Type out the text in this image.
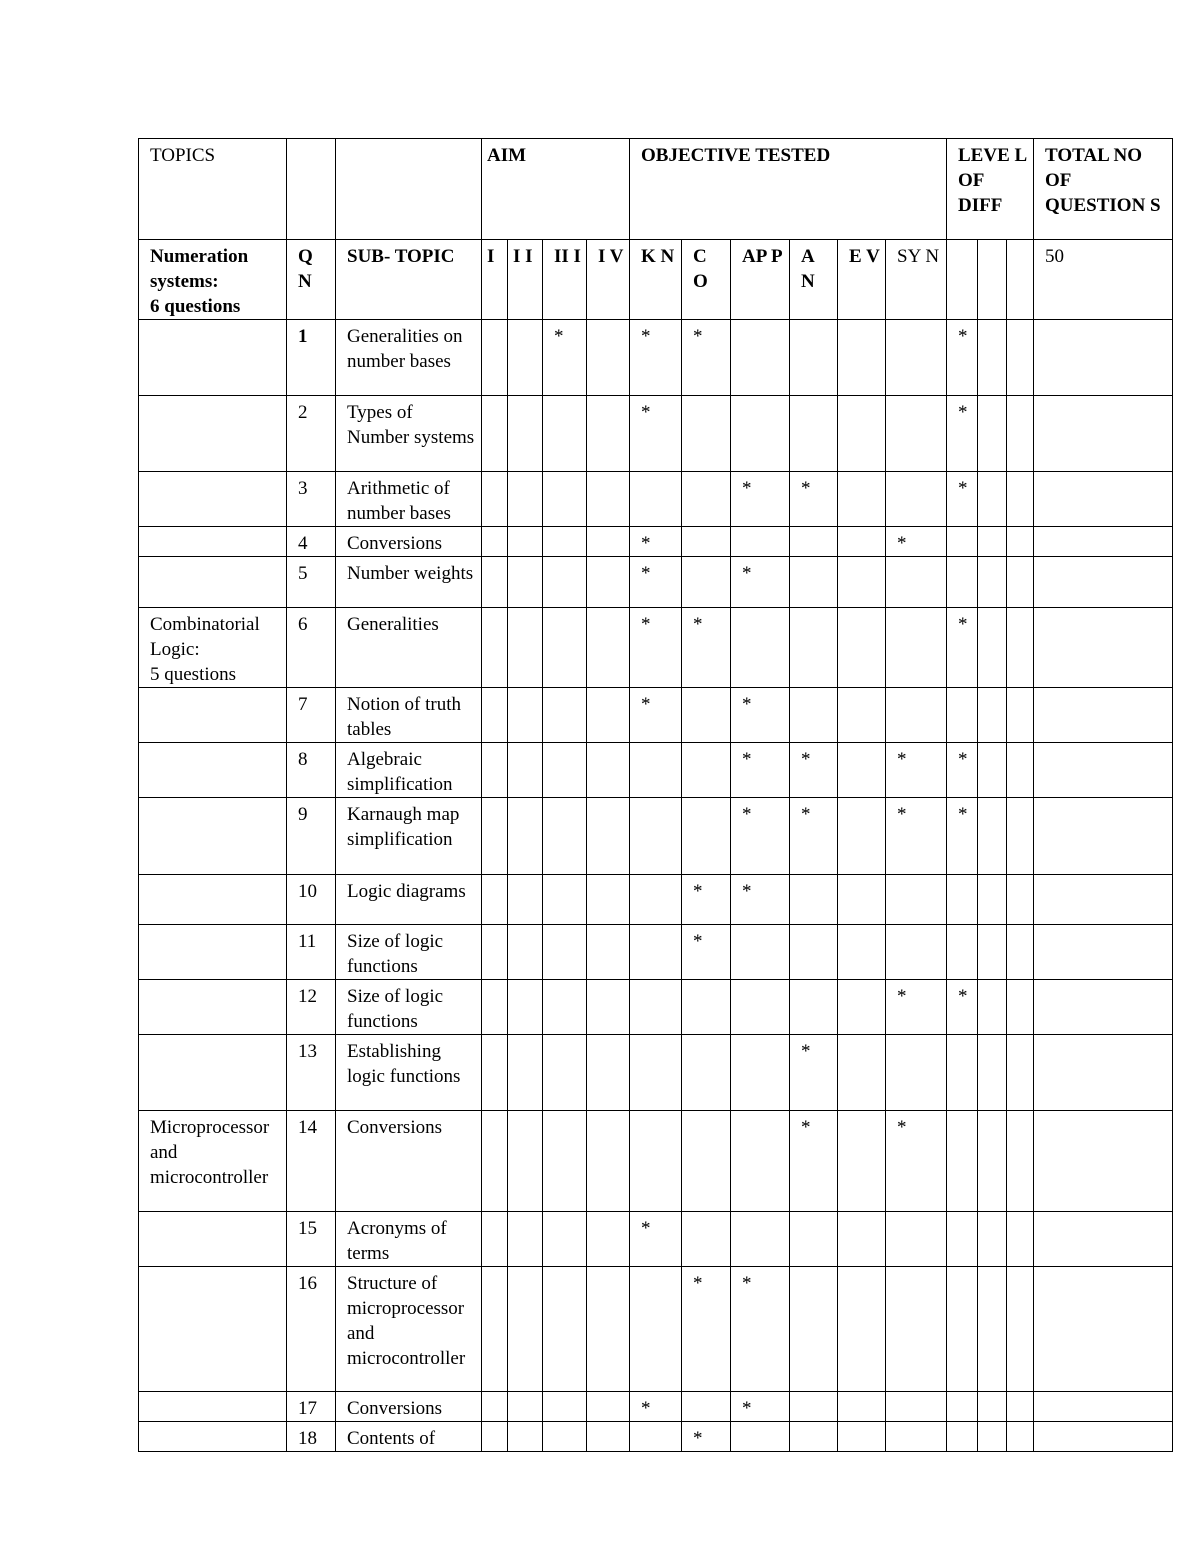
TOPICS			AIM				OBJECTIVE TESTED						LEVE L OF DIFF			TOTAL NO OF QUESTION S

Numeration systems:
6 questions	Q N	SUB- TOPIC	I	I I	II I	I V	K N	C O	AP P	A N	E V	SY N				50
	1	Generalities on number bases			*		*	*					*			
	2	Types of Number systems					*						*			
	3	Arithmetic of number bases							*	*			*			
	4	Conversions					*					*				
	5	Number weights					*		*							
Combinatorial Logic:
5 questions	6	Generalities					*	*					*			
	7	Notion of truth tables					*		*							
	8	Algebraic simplification							*	*		*	*			
	9	Karnaugh map simplification							*	*		*	*			
	10	Logic diagrams						*	*							
	11	Size of logic functions						*								
	12	Size of logic functions										*	*			
	13	Establishing logic functions								*						
Microprocessor and microcontroller	14	Conversions								*		*				
	15	Acronyms of terms					*									
	16	Structure of microprocessor and microcontroller						*	*							
	17	Conversions					*		*							
	18	Contents of						*								
